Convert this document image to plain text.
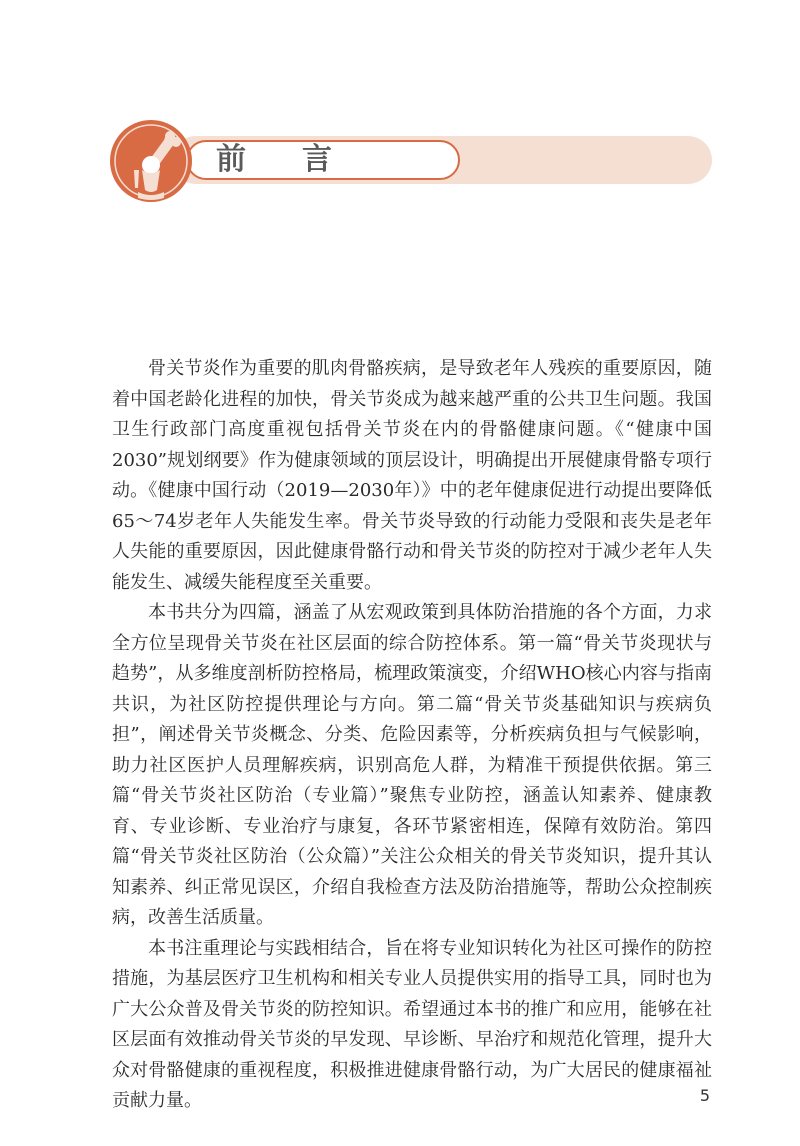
前言

骨关节炎作为重要的肌肉骨骼疾病，是导致老年人残疾的重要原因，随着中国老龄化进程的加快，骨关节炎成为越来越严重的公共卫生问题。我国卫生行政部门高度重视包括骨关节炎在内的骨骼健康问题。《“健康中国2030”规划纲要》作为健康领域的顶层设计，明确提出开展健康骨骼专项行动。《健康中国行动（2019—2030年）》中的老年健康促进行动提出要降低65～74岁老年人失能发生率。骨关节炎导致的行动能力受限和丧失是老年人失能的重要原因，因此健康骨骼行动和骨关节炎的防控对于减少老年人失能发生、减缓失能程度至关重要。

本书共分为四篇，涵盖了从宏观政策到具体防治措施的各个方面，力求全方位呈现骨关节炎在社区层面的综合防控体系。第一篇“骨关节炎现状与趋势”，从多维度剖析防控格局，梳理政策演变，介绍WHO核心内容与指南共识，为社区防控提供理论与方向。第二篇“骨关节炎基础知识与疾病负担”，阐述骨关节炎概念、分类、危险因素等，分析疾病负担与气候影响，助力社区医护人员理解疾病，识别高危人群，为精准干预提供依据。第三篇“骨关节炎社区防治（专业篇）”聚焦专业防控，涵盖认知素养、健康教育、专业诊断、专业治疗与康复，各环节紧密相连，保障有效防治。第四篇“骨关节炎社区防治（公众篇）”关注公众相关的骨关节炎知识，提升其认知素养、纠正常见误区，介绍自我检查方法及防治措施等，帮助公众控制疾病，改善生活质量。

本书注重理论与实践相结合，旨在将专业知识转化为社区可操作的防控措施，为基层医疗卫生机构和相关专业人员提供实用的指导工具，同时也为广大公众普及骨关节炎的防控知识。希望通过本书的推广和应用，能够在社区层面有效推动骨关节炎的早发现、早诊断、早治疗和规范化管理，提升大众对骨骼健康的重视程度，积极推进健康骨骼行动，为广大居民的健康福祉贡献力量。	5
